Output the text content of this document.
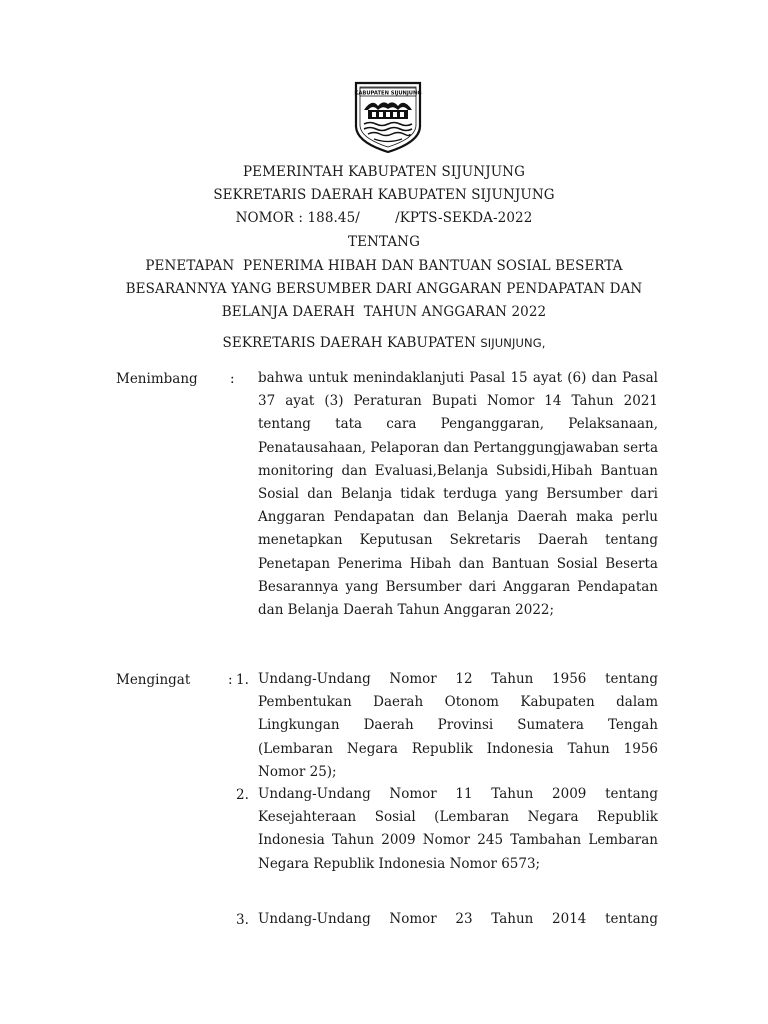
KABUPATEN SIJUNJUNG
PEMERINTAH KABUPATEN SIJUNJUNG
SEKRETARIS DAERAH KABUPATEN SIJUNJUNG
NOMOR : 188.45/        /KPTS-SEKDA-2022
TENTANG
PENETAPAN  PENERIMA HIBAH DAN BANTUAN SOSIAL BESERTA
BESARANNYA YANG BERSUMBER DARI ANGGARAN PENDAPATAN DAN
BELANJA DAERAH  TAHUN ANGGARAN 2022
SEKRETARIS DAERAH KABUPATEN SIJUNJUNG,
Menimbang : bahwa untuk menindaklanjuti Pasal 15 ayat (6) dan Pasal 37 ayat (3) Peraturan Bupati Nomor 14 Tahun 2021 tentang tata cara Penganggaran, Pelaksanaan, Penatausahaan, Pelaporan dan Pertanggungjawaban serta monitoring dan Evaluasi,Belanja Subsidi,Hibah Bantuan Sosial dan Belanja tidak terduga yang Bersumber dari Anggaran Pendapatan dan Belanja Daerah maka perlu menetapkan Keputusan Sekretaris Daerah tentang Penetapan Penerima Hibah dan Bantuan Sosial Beserta Besarannya yang Bersumber dari Anggaran Pendapatan dan Belanja Daerah Tahun Anggaran 2022;
Mengingat	: 1. Undang-Undang Nomor 12 Tahun 1956 tentang Pembentukan Daerah Otonom Kabupaten dalam Lingkungan Daerah Provinsi Sumatera Tengah (Lembaran Negara Republik Indonesia Tahun 1956 Nomor 25);
2. Undang-Undang Nomor 11 Tahun 2009 tentang Kesejahteraan Sosial (Lembaran Negara Republik Indonesia Tahun 2009 Nomor 245 Tambahan Lembaran Negara Republik Indonesia Nomor 6573;
3. Undang-Undang Nomor 23 Tahun 2014 tentang
